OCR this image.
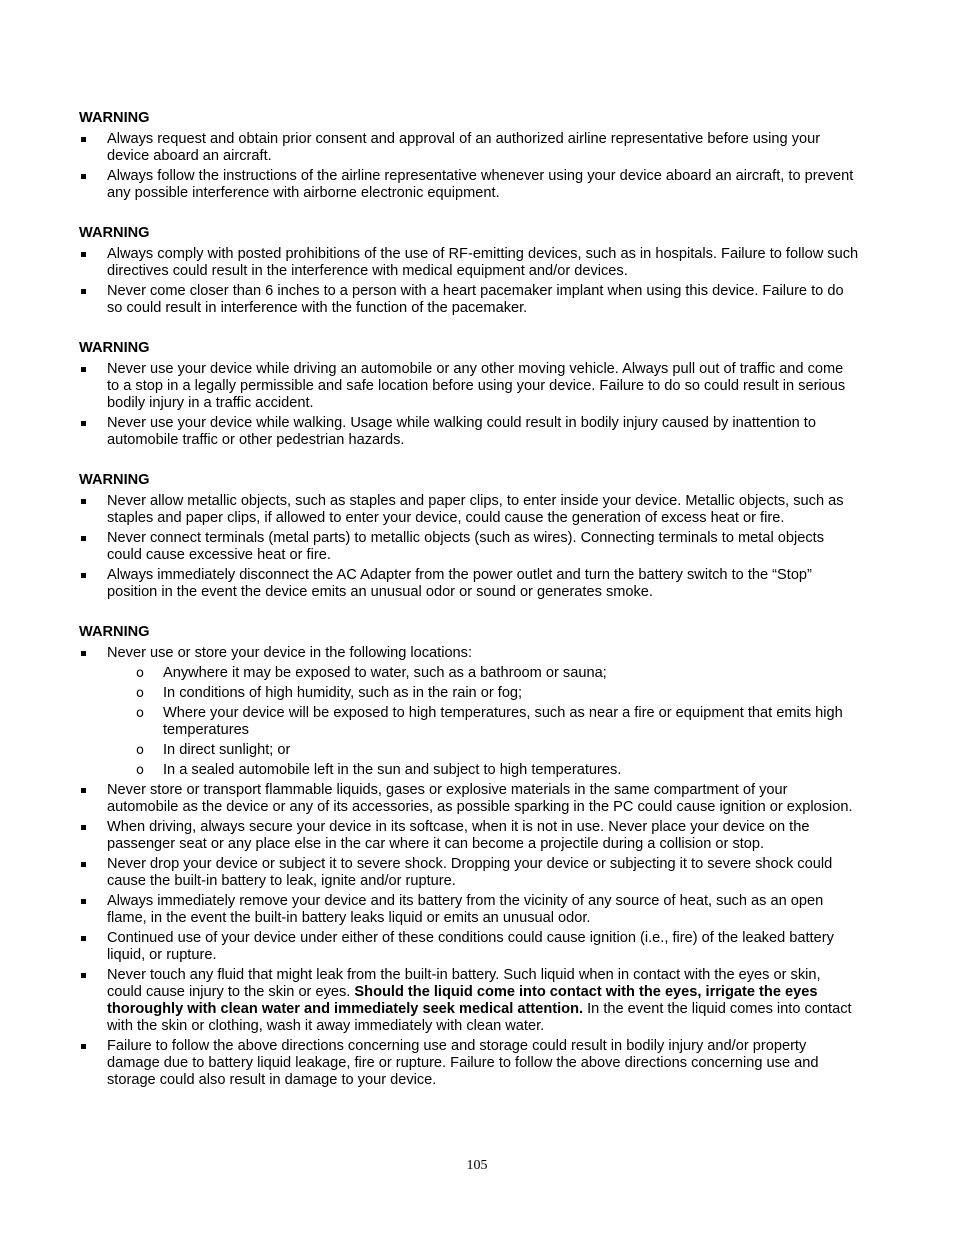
WARNING
Always request and obtain prior consent and approval of an authorized airline representative before using your device aboard an aircraft.
Always follow the instructions of the airline representative whenever using your device aboard an aircraft, to prevent any possible interference with airborne electronic equipment.
WARNING
Always comply with posted prohibitions of the use of RF-emitting devices, such as in hospitals. Failure to follow such directives could result in the interference with medical equipment and/or devices.
Never come closer than 6 inches to a person with a heart pacemaker implant when using this device. Failure to do so could result in interference with the function of the pacemaker.
WARNING
Never use your device while driving an automobile or any other moving vehicle. Always pull out of traffic and come to a stop in a legally permissible and safe location before using your device. Failure to do so could result in serious bodily injury in a traffic accident.
Never use your device while walking. Usage while walking could result in bodily injury caused by inattention to automobile traffic or other pedestrian hazards.
WARNING
Never allow metallic objects, such as staples and paper clips, to enter inside your device. Metallic objects, such as staples and paper clips, if allowed to enter your device, could cause the generation of excess heat or fire.
Never connect terminals (metal parts) to metallic objects (such as wires). Connecting terminals to metal objects could cause excessive heat or fire.
Always immediately disconnect the AC Adapter from the power outlet and turn the battery switch to the “Stop” position in the event the device emits an unusual odor or sound or generates smoke.
WARNING
Never use or store your device in the following locations:
o Anywhere it may be exposed to water, such as a bathroom or sauna;
o In conditions of high humidity, such as in the rain or fog;
o Where your device will be exposed to high temperatures, such as near a fire or equipment that emits high temperatures
o In direct sunlight; or
o In a sealed automobile left in the sun and subject to high temperatures.
Never store or transport flammable liquids, gases or explosive materials in the same compartment of your automobile as the device or any of its accessories, as possible sparking in the PC could cause ignition or explosion.
When driving, always secure your device in its softcase, when it is not in use. Never place your device on the passenger seat or any place else in the car where it can become a projectile during a collision or stop.
Never drop your device or subject it to severe shock. Dropping your device or subjecting it to severe shock could cause the built-in battery to leak, ignite and/or rupture.
Always immediately remove your device and its battery from the vicinity of any source of heat, such as an open flame, in the event the built-in battery leaks liquid or emits an unusual odor.
Continued use of your device under either of these conditions could cause ignition (i.e., fire) of the leaked battery liquid, or rupture.
Never touch any fluid that might leak from the built-in battery. Such liquid when in contact with the eyes or skin, could cause injury to the skin or eyes. Should the liquid come into contact with the eyes, irrigate the eyes thoroughly with clean water and immediately seek medical attention. In the event the liquid comes into contact with the skin or clothing, wash it away immediately with clean water.
Failure to follow the above directions concerning use and storage could result in bodily injury and/or property damage due to battery liquid leakage, fire or rupture. Failure to follow the above directions concerning use and storage could also result in damage to your device.
105
